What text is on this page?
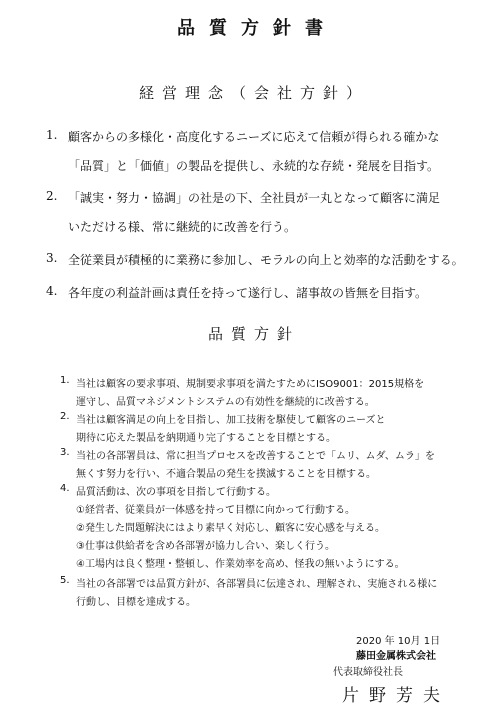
品質方針書
経営理念（会社方針）
1. 顧客からの多様化・高度化するニーズに応えて信頼が得られる確かな
「品質」と「価値」の製品を提供し、永続的な存続・発展を目指す。
2. 「誠実・努力・協調」の社是の下、全社員が一丸となって顧客に満足
いただける様、常に継続的に改善を行う。
3. 全従業員が積極的に業務に参加し、モラルの向上と効率的な活動をする。
4. 各年度の利益計画は責任を持って遂行し、諸事故の皆無を目指す。
品質方針
1. 当社は顧客の要求事項、規制要求事項を満たすためにISO9001：2015規格を
運守し、品質マネジメントシステムの有効性を継続的に改善する。
2. 当社は顧客満足の向上を目指し、加工技術を駆使して顧客のニーズと
期待に応えた製品を納期通り完了することを目標とする。
3. 当社の各部署員は、常に担当プロセスを改善することで「ムリ、ムダ、ムラ」を
無くす努力を行い、不適合製品の発生を撲滅することを目標する。
4. 品質活動は、次の事項を目指して行動する。
①経営者、従業員が一体感を持って目標に向かって行動する。
②発生した問題解決にはより素早く対応し、顧客に安心感を与える。
③仕事は供給者を含め各部署が協力し合い、楽しく行う。
④工場内は良く整理・整頓し、作業効率を高め、怪我の無いようにする。
5. 当社の各部署では品質方針が、各部署員に伝達され、理解され、実施される様に
行動し、目標を達成する。
2020 年 10月 1日
藤田金属株式会社
代表取締役社長
片野芳夫
